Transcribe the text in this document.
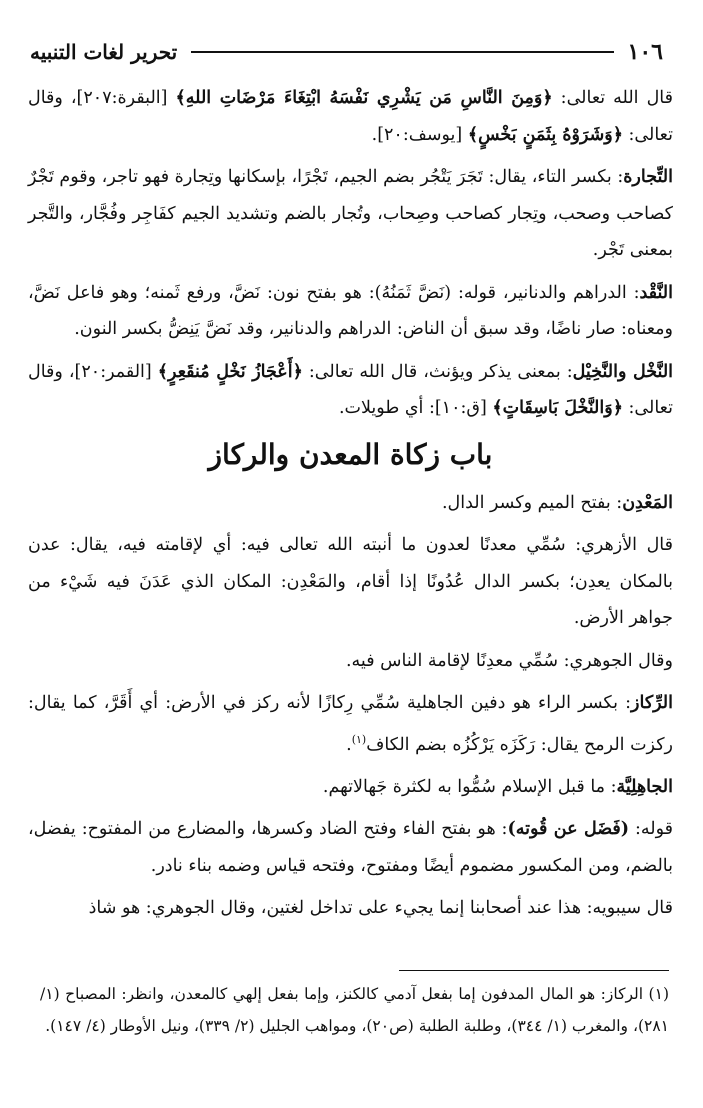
١٠٦
تحرير لغات التنبيه

قال الله تعالى: ﴿وَمِنَ النَّاسِ مَن يَشْرِي نَفْسَهُ ابْتِغَاءَ مَرْضَاتِ اللهِ﴾ [البقرة:٢٠٧]، وقال تعالى: ﴿وَشَرَوْهُ بِثَمَنٍ بَخْسٍ﴾ [يوسف:٢٠].

التِّجارة: بكسر التاء، يقال: تَجَرَ يَتْجُر بضم الجيم، تَجْرًا، بإسكانها وتِجارة فهو تاجر، وقوم تَجْرٌ كصاحب وصحب، وتِجار كصاحب وصِحاب، وتُجار بالضم وتشديد الجيم كفَاجِر وفُجَّار، والتَّجر بمعنى تَجْر.

النَّقْد: الدراهم والدنانير، قوله: (نَضَّ ثَمَنُهُ): هو بفتح نون: نَضَّ، ورفع ثَمنه؛ وهو فاعل نَضَّ، ومعناه: صار ناضًا، وقد سبق أن الناض: الدراهم والدنانير، وقد نَضَّ يَنِضُّ بكسر النون.

النَّخْل والنَّخِيْل: بمعنى يذكر ويؤنث، قال الله تعالى: ﴿أَعْجَازُ نَخْلٍ مُنقَعِرٍ﴾ [القمر:٢٠]، وقال تعالى: ﴿وَالنَّخْلَ بَاسِقَاتٍ﴾ [ق:١٠]: أي طويلات.

باب زكاة المعدن والركاز

المَعْدِن: بفتح الميم وكسر الدال.

قال الأزهري: سُمِّي معدنًا لعدون ما أنبته الله تعالى فيه: أي لإقامته فيه، يقال: عدن بالمكان يعدِن؛ بكسر الدال عُدُونًا إذا أقام، والمَعْدِن: المكان الذي عَدَنَ فيه شَيْء من جواهر الأرض.

وقال الجوهري: سُمِّي معدِنًا لإقامة الناس فيه.

الرِّكاز: بكسر الراء هو دفين الجاهلية سُمِّي رِكازًا لأنه ركز في الأرض: أي أَقَرَّ، كما يقال: ركزت الرمح يقال: رَكَزَه يَرْكُزُه بضم الكاف$^{(١)}$.

الجاهِلِيَّة: ما قبل الإسلام سُمُّوا به لكثرة جَهالاتهم.

قوله: (فَضَل عن قُوته): هو بفتح الفاء وفتح الضاد وكسرها، والمضارع من المفتوح: يفضل، بالضم، ومن المكسور مضموم أيضًا ومفتوح، وفتحه قياس وضمه بناء نادر.

قال سيبويه: هذا عند أصحابنا إنما يجيء على تداخل لغتين، وقال الجوهري: هو شاذ

(١) الركاز: هو المال المدفون إما بفعل آدمي كالكنز، وإما بفعل إلهي كالمعدن، وانظر: المصباح (١/ ٢٨١)، والمغرب (١/ ٣٤٤)، وطلبة الطلبة (ص٢٠)، ومواهب الجليل (٢/ ٣٣٩)، ونيل الأوطار (٤/ ١٤٧).
